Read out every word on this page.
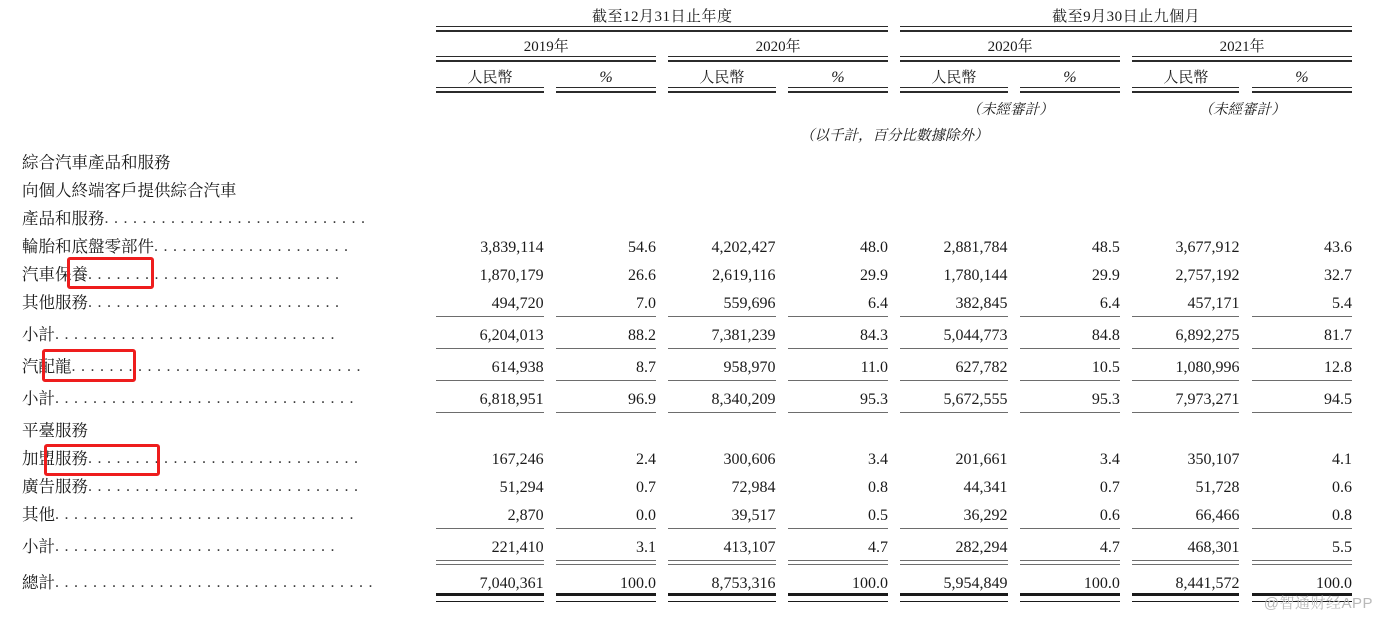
	截至12月31日止年度								截至9月30日止九個月						

	2019年				2020年				2020年				2021年		

	人民幣		%		人民幣		%		人民幣		%		人民幣		%

									（未經審計）				（未經審計）		
	（以千計，百分比數據除外）														
綜合汽車產品和服務															
向個人終端客戶提供綜合汽車															
產品和服務............................															
輪胎和底盤零部件.....................	3,839,114		54.6		4,202,427		48.0		2,881,784		48.5		3,677,912		43.6
汽車保養...........................	1,870,179		26.6		2,619,116		29.9		1,780,144		29.9		2,757,192		32.7
其他服務...........................	494,720		7.0		559,696		6.4		382,845		6.4		457,171		5.4

小計..............................	6,204,013		88.2		7,381,239		84.3		5,044,773		84.8		6,892,275		81.7

汽配龍...............................	614,938		8.7		958,970		11.0		627,782		10.5		1,080,996		12.8

小計................................	6,818,951		96.9		8,340,209		95.3		5,672,555		95.3		7,973,271		94.5

平臺服務															
加盟服務.............................	167,246		2.4		300,606		3.4		201,661		3.4		350,107		4.1
廣告服務.............................	51,294		0.7		72,984		0.8		44,341		0.7		51,728		0.6
其他................................	2,870		0.0		39,517		0.5		36,292		0.6		66,466		0.8

小計..............................	221,410		3.1		413,107		4.7		282,294		4.7		468,301		5.5

總計..................................	7,040,361		100.0		8,753,316		100.0		5,954,849		100.0		8,441,572		100.0

@智通财经APP
